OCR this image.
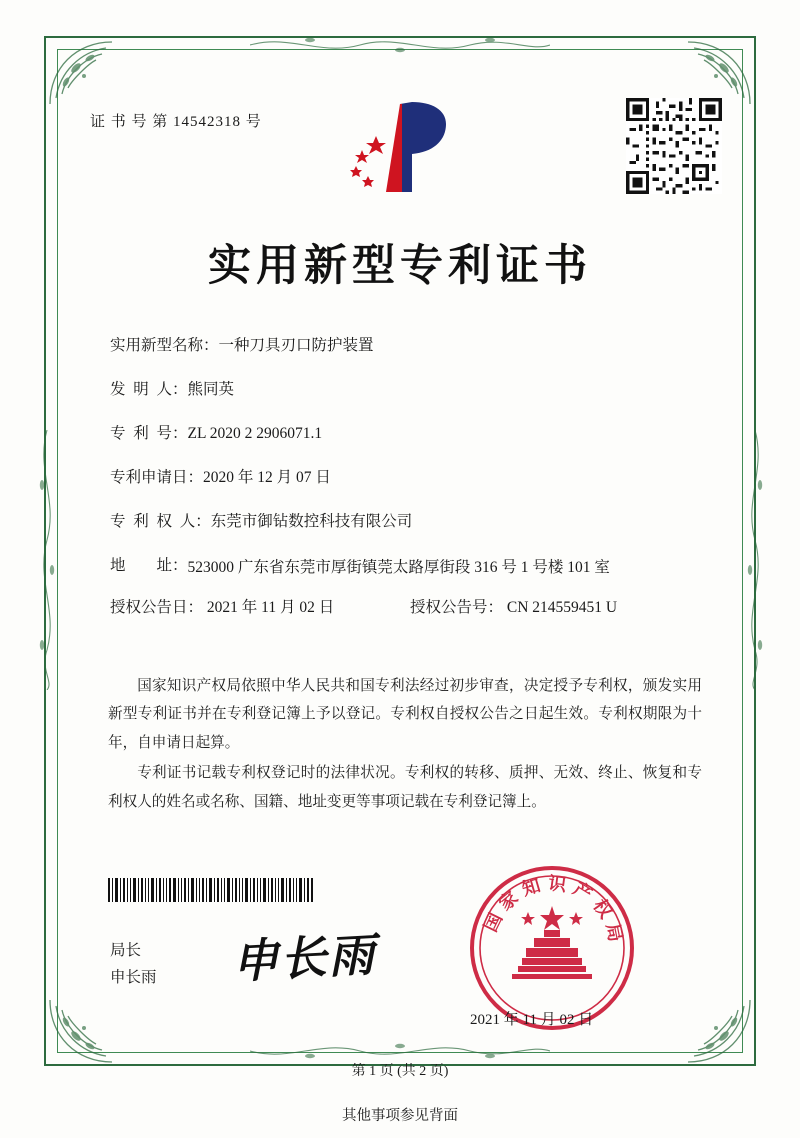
证 书 号 第 14542318 号
实用新型专利证书
实用新型名称： 一种刀具刃口防护装置
发  明  人： 熊同英
专  利  号： ZL 2020 2 2906071.1
专利申请日： 2020 年 12 月 07 日
专  利  权  人： 东莞市御钻数控科技有限公司
地        址： 523000 广东省东莞市厚街镇莞太路厚街段 316 号 1 号楼 101 室
授权公告日： 2021 年 11 月 02 日	授权公告号： CN 214559451 U

国家知识产权局依照中华人民共和国专利法经过初步审查，决定授予专利权，颁发实用新型专利证书并在专利登记簿上予以登记。专利权自授权公告之日起生效。专利权期限为十年，自申请日起算。

专利证书记载专利权登记时的法律状况。专利权的转移、质押、无效、终止、恢复和专利权人的姓名或名称、国籍、地址变更等事项记载在专利登记簿上。

局长
申长雨 申长雨
国家知识产权局
2021 年 11 月 02 日
第 1 页 (共 2 页)
其他事项参见背面
